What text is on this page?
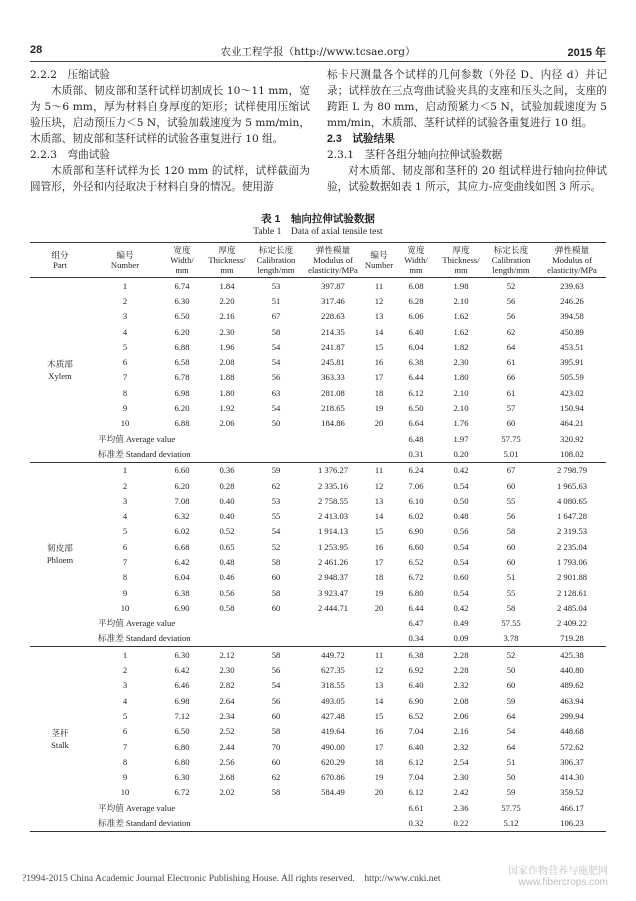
28	农业工程学报（http://www.tcsae.org）	2015 年

2.2.2　压缩试验

木质部、韧皮部和茎秆试样切割成长 10～11 mm，宽为 5～6 mm，厚为材料自身厚度的矩形；试样使用压缩试验压块，启动预压力＜5 N，试验加载速度为 5 mm/min，木质部、韧皮部和茎秆试样的试验各重复进行 10 组。

2.2.3　弯曲试验

木质部和茎秆试样为长 120 mm 的试样，试样截面为圆管形，外径和内径取决于材料自身的情况。使用游

标卡尺测量各个试样的几何参数（外径 D、内径 d）并记录；试样放在三点弯曲试验夹具的支座和压头之间，支座的跨距 L 为 80 mm，启动预紧力＜5 N，试验加载速度为 5 mm/min，木质部、茎秆试样的试验各重复进行 10 组。

2.3　试验结果

2.3.1　茎秆各组分轴向拉伸试验数据

对木质部、韧皮部和茎秆的 20 组试样进行轴向拉伸试验，试验数据如表 1 所示，其应力-应变曲线如图 3 所示。

表 1　轴向拉伸试验数据
Table 1　Data of axial tensile test
组分
Part	编号
Number	宽度
Width/
mm	厚度
Thickness/
mm	标定长度
Calibration
length/mm	弹性模量
Modulus of
elasticity/MPa	编号
Number	宽度
Width/
mm	厚度
Thickness/
mm	标定长度
Calibration
length/mm	弹性模量
Modulus of
elasticity/MPa
木质部
Xylem	1	6.74	1.84	53	397.87	11	6.08	1.98	52	239.63
	2	6.30	2.20	51	317.46	12	6.28	2.10	56	246.26
	3	6.50	2.16	67	228.63	13	6.06	1.62	56	394.58
	4	6.20	2.30	58	214.35	14	6.40	1.62	62	450.89
	5	6.88	1.96	54	241.87	15	6.04	1.82	64	453.51
	6	6.58	2.08	54	245.81	16	6.38	2.30	61	395.91
	7	6.78	1.88	56	363.33	17	6.44	1.80	66	505.59
	8	6.98	1.80	63	281.08	18	6.12	2.10	61	423.02
	9	6.20	1.92	54	218.65	19	6.50	2.10	57	150.94
	10	6.88	2.06	50	184.86	20	6.64	1.76	60	464.21
	平均值 Average value						6.48	1.97	57.75	320.92
	标准差 Standard deviation						0.31	0.20	5.01	108.02
韧皮部
Phloem	1	6.60	0.36	59	1 376.27	11	6.24	0.42	67	2 798.79
	2	6.20	0.28	62	2 335.16	12	7.06	0.54	60	1 965.63
	3	7.08	0.40	53	2 758.55	13	6.10	0.50	55	4 080.65
	4	6.32	0.40	55	2 413.03	14	6.02	0.48	56	1 647.28
	5	6.02	0.52	54	1 914.13	15	6.90	0.56	58	2 319.53
	6	6.68	0.65	52	1 253.95	16	6.60	0.54	60	2 235.04
	7	6.42	0.48	58	2 461.26	17	6.52	0.54	60	1 793.06
	8	6.04	0.46	60	2 948.37	18	6.72	0.60	51	2 901.88
	9	6.38	0.56	58	3 923.47	19	6.80	0.54	55	2 128.61
	10	6.90	0.58	60	2 444.71	20	6.44	0.42	58	2 485.04
	平均值 Average value						6.47	0.49	57.55	2 409.22
	标准差 Standard deviation						0.34	0.09	3.78	719.28
茎秆
Stalk	1	6.30	2.12	58	449.72	11	6.38	2.28	52	425.38
	2	6.42	2.30	56	627.35	12	6.92	2.28	50	440.80
	3	6.46	2.82	54	318.55	13	6.40	2.32	60	489.62
	4	6.98	2.64	56	493.05	14	6.90	2.08	59	463.94
	5	7.12	2.34	60	427.48	15	6.52	2.06	64	299.94
	6	6.50	2.52	58	419.64	16	7.04	2.16	54	448.68
	7	6.80	2.44	70	490.00	17	6.40	2.32	64	572.62
	8	6.80	2.56	60	620.29	18	6.12	2.54	51	306.37
	9	6.30	2.68	62	670.86	19	7.04	2.30	50	414.30
	10	6.72	2.02	58	584.49	20	6.12	2.42	59	359.52
	平均值 Average value						6.61	2.36	57.75	466.17
	标准差 Standard deviation						0.32	0.22	5.12	106.23
?1994-2015 China Academic Journal Electronic Publishing House. All rights reserved.　http://www.cnki.net
国家作物营养与施肥网
www.fibercrops.com
